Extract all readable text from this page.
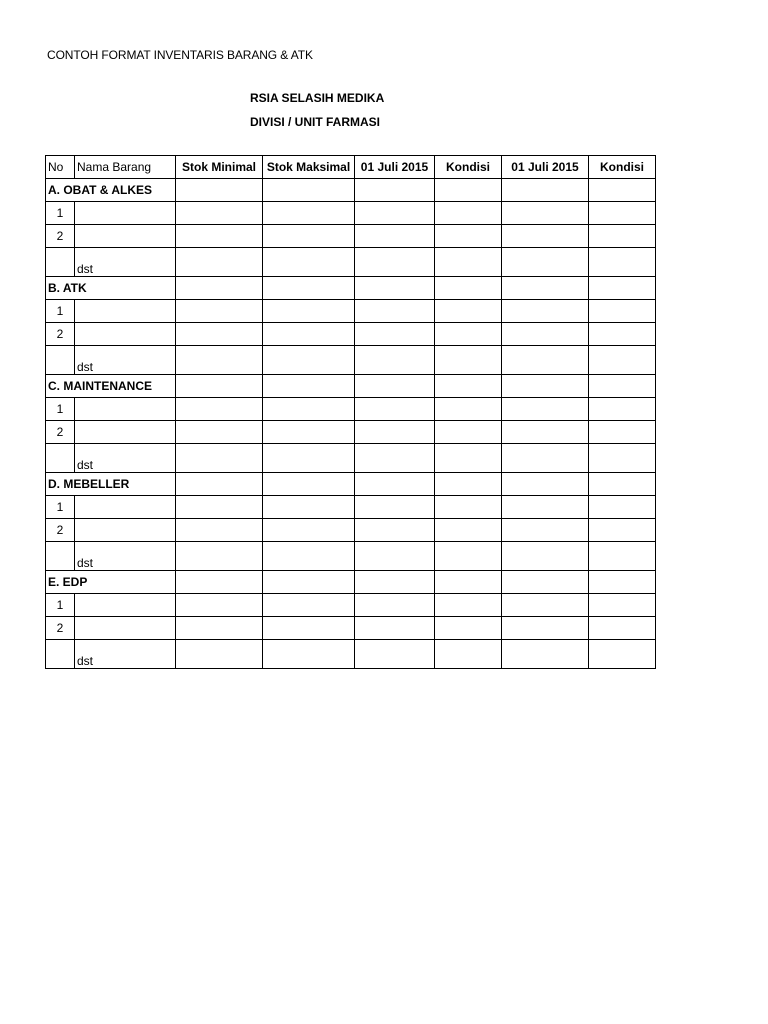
CONTOH FORMAT INVENTARIS BARANG & ATK
RSIA SELASIH MEDIKA
DIVISI / UNIT FARMASI
No	Nama Barang	Stok Minimal	Stok Maksimal	01 Juli 2015	Kondisi	01 Juli 2015	Kondisi
A. OBAT & ALKES							
1							
2							
	dst						
B. ATK							
1							
2							
	dst						
C. MAINTENANCE							
1							
2							
	dst						
D. MEBELLER							
1							
2							
	dst						
E. EDP							
1							
2							
	dst						
